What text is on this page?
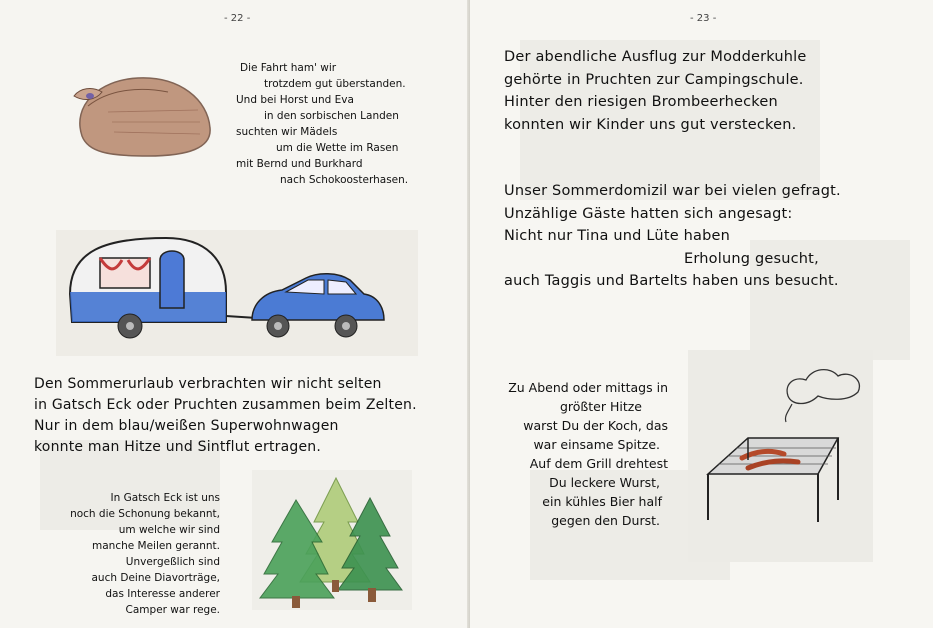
- 22 -
Die Fahrt ham' wir
trotzdem gut überstanden.
Und bei Horst und Eva
in den sorbischen Landen
suchten wir Mädels
um die Wette im Rasen
mit Bernd und Burkhard
nach Schokoosterhasen.
Den Sommerurlaub verbrachten wir nicht selten
in Gatsch Eck oder Pruchten zusammen beim Zelten.
Nur in dem blau/weißen Superwohnwagen
konnte man Hitze und Sintflut ertragen.
In Gatsch Eck ist uns
noch die Schonung bekannt,
um welche wir sind
manche Meilen gerannt.
Unvergeßlich sind
auch Deine Diavorträge,
das Interesse anderer
Camper war rege.
- 23 -
Der abendliche Ausflug zur Modderkuhle
gehörte in Pruchten zur Campingschule.
Hinter den riesigen Brombeerhecken
konnten wir Kinder uns gut verstecken.
Unser Sommerdomizil war bei vielen gefragt.
Unzählige Gäste hatten sich angesagt:
Nicht nur Tina und Lüte haben
Erholung gesucht,
auch Taggis und Bartelts haben uns besucht.
Zu Abend oder mittags in
größter Hitze
warst Du der Koch, das
war einsame Spitze.
Auf dem Grill drehtest
Du leckere Wurst,
ein kühles Bier half
gegen den Durst.
